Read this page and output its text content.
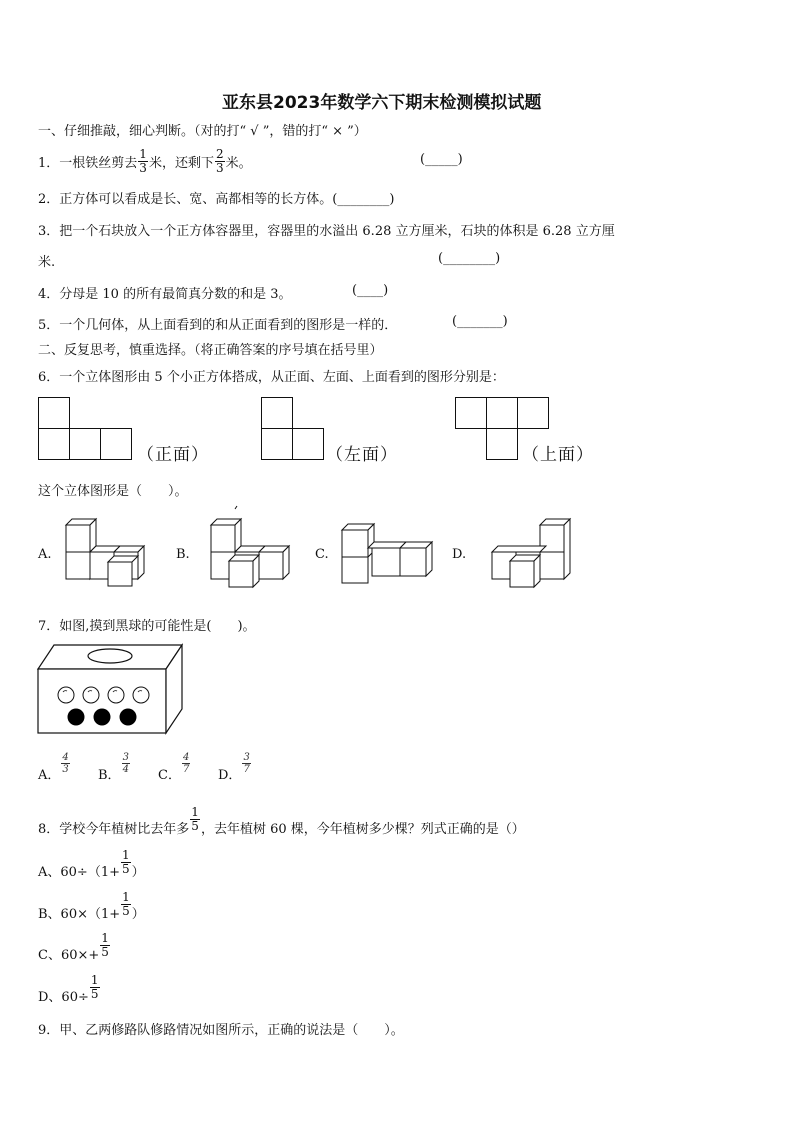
亚东县2023年数学六下期末检测模拟试题
一、仔细推敲，细心判断。（对的打“ √ ”，错的打“ × ”）
1． 一根铁丝剪去 $\frac{1}{3}$ 米，还剩下 $\frac{2}{3}$ 米。	(_____)
2．正方体可以看成是长、宽、高都相等的长方体。(________)
3．把一个石块放入一个正方体容器里，容器里的水溢出 6.28 立方厘米，石块的体积是 6.28 立方厘
米.	(________)
4．分母是 10 的所有最简真分数的和是 3。	(____)
5．一个几何体，从上面看到的和从正面看到的图形是一样的．	(_______)
二、反复思考，慎重选择。（将正确答案的序号填在括号里）
6．一个立体图形由 5 个小正方体搭成，从正面、左面、上面看到的图形分别是：
（正面）	（左面）	（上面）
这个立体图形是（　　）。
A.	B.	C.	D.
7．如图,摸到黑球的可能性是(　　)。
A．
$\frac{4}{3}$
B．
$\frac{3}{4}$
C．
$\frac{4}{7}$
D．
$\frac{3}{7}$
8． 学校今年植树比去年多 $\frac{1}{5}$ ，去年植树 60 棵，今年植树多少棵？列式正确的是（）
A、$60\div(1+ \frac{1}{5}$ ）
B、$60\times(1+ \frac{1}{5}$ ）
C、$60\times+ \frac{1}{5}$
D、$60\div \frac{1}{5}$
9．甲、乙两修路队修路情况如图所示，正确的说法是（　　）。
